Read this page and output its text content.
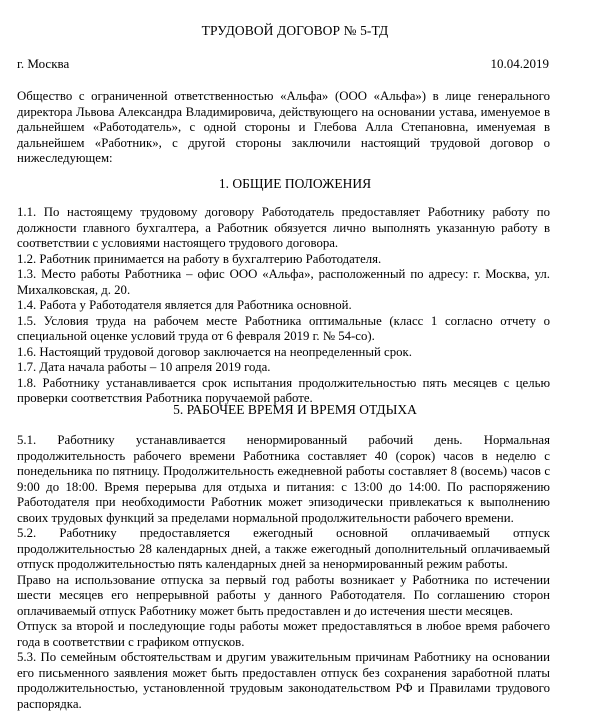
ТРУДОВОЙ ДОГОВОР № 5-ТД
г. Москва	10.04.2019

Общество с ограниченной ответственностью «Альфа» (ООО «Альфа») в лице генерального директора Львова Александра Владимировича, действующего на основании устава, именуемое в дальнейшем «Работодатель», с одной стороны и Глебова Алла Степановна, именуемая в дальнейшем «Работник», с другой стороны заключили настоящий трудовой договор о нижеследующем:

1. ОБЩИЕ ПОЛОЖЕНИЯ

1.1. По настоящему трудовому договору Работодатель предоставляет Работнику работу по должности главного бухгалтера, а Работник обязуется лично выполнять указанную работу в соответствии с условиями настоящего трудового договора.

1.2. Работник принимается на работу в бухгалтерию Работодателя.

1.3. Место работы Работника – офис ООО «Альфа», расположенный по адресу: г. Москва, ул. Михалковская, д. 20.

1.4. Работа у Работодателя является для Работника основной.

1.5. Условия труда на рабочем месте Работника оптимальные (класс 1 согласно отчету о специальной оценке условий труда от 6 февраля 2019 г. № 54-со).

1.6. Настоящий трудовой договор заключается на неопределенный срок.

1.7. Дата начала работы – 10 апреля 2019 года.

1.8. Работнику устанавливается срок испытания продолжительностью пять месяцев с целью проверки соответствия Работника поручаемой работе.

5. РАБОЧЕЕ ВРЕМЯ И ВРЕМЯ ОТДЫХА

5.1. Работнику устанавливается ненормированный рабочий день. Нормальная продолжительность рабочего времени Работника составляет 40 (сорок) часов в неделю с понедельника по пятницу. Продолжительность ежедневной работы составляет 8 (восемь) часов с 9:00 до 18:00. Время перерыва для отдыха и питания: с 13:00 до 14:00. По распоряжению Работодателя при необходимости Работник может эпизодически привлекаться к выполнению своих трудовых функций за пределами нормальной продолжительности рабочего времени.

5.2. Работнику предоставляется ежегодный основной оплачиваемый отпуск продолжительностью 28 календарных дней, а также ежегодный дополнительный оплачиваемый отпуск продолжительностью пять календарных дней за ненормированный режим работы.

Право на использование отпуска за первый год работы возникает у Работника по истечении шести месяцев его непрерывной работы у данного Работодателя. По соглашению сторон оплачиваемый отпуск Работнику может быть предоставлен и до истечения шести месяцев.

Отпуск за второй и последующие годы работы может предоставляться в любое время рабочего года в соответствии с графиком отпусков.

5.3. По семейным обстоятельствам и другим уважительным причинам Работнику на основании его письменного заявления может быть предоставлен отпуск без сохранения заработной платы продолжительностью, установленной трудовым законодательством РФ и Правилами трудового распорядка.
